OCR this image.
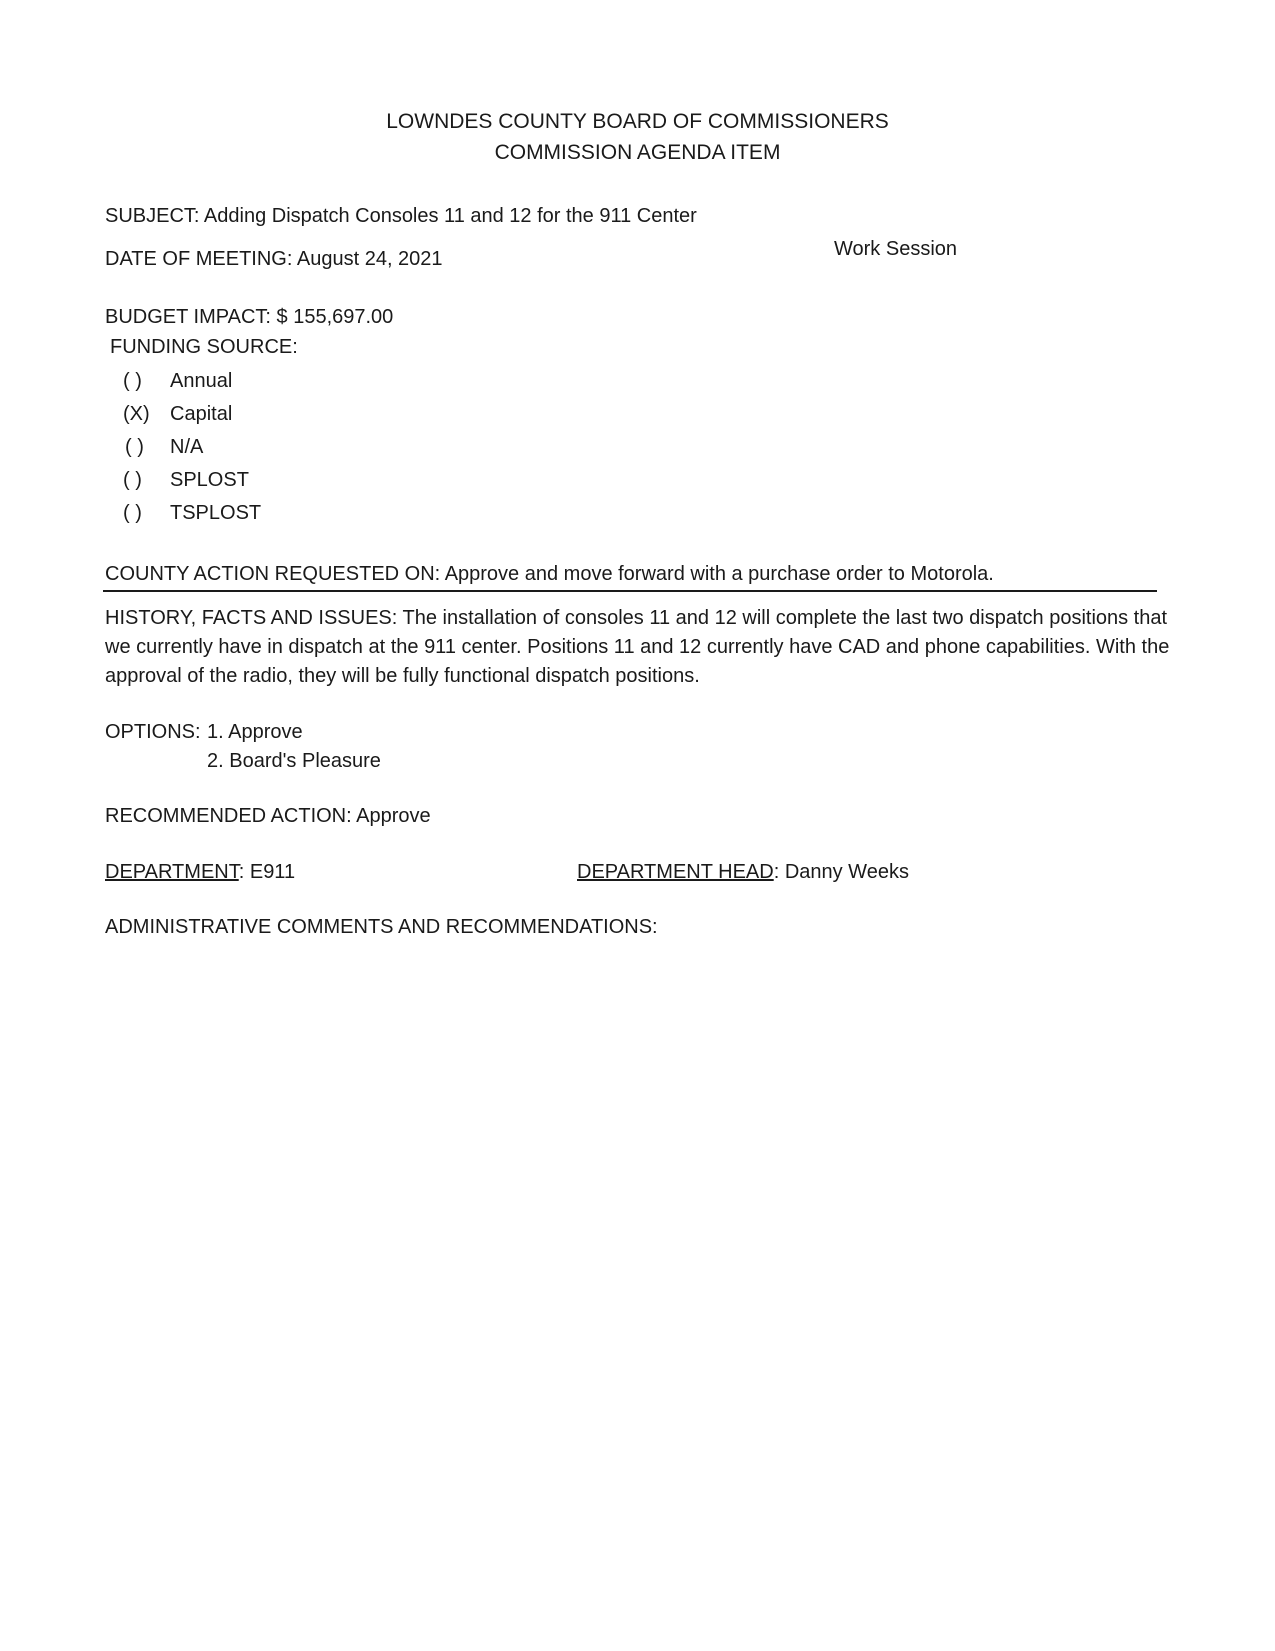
LOWNDES COUNTY BOARD OF COMMISSIONERS
COMMISSION AGENDA ITEM
SUBJECT: Adding Dispatch Consoles 11 and 12 for the 911 Center
DATE OF MEETING: August 24, 2021	Work Session
BUDGET IMPACT: $ 155,697.00
FUNDING SOURCE:
( ) Annual
(X) Capital
( ) N/A
( ) SPLOST
( ) TSPLOST
COUNTY ACTION REQUESTED ON: Approve and move forward with a purchase order to Motorola.
HISTORY, FACTS AND ISSUES: The installation of consoles 11 and 12 will complete the last two dispatch positions that we currently have in dispatch at the 911 center. Positions 11 and 12 currently have CAD and phone capabilities. With the approval of the radio, they will be fully functional dispatch positions.
OPTIONS: 1. Approve
2. Board's Pleasure
RECOMMENDED ACTION: Approve
DEPARTMENT: E911	DEPARTMENT HEAD: Danny Weeks
ADMINISTRATIVE COMMENTS AND RECOMMENDATIONS:
